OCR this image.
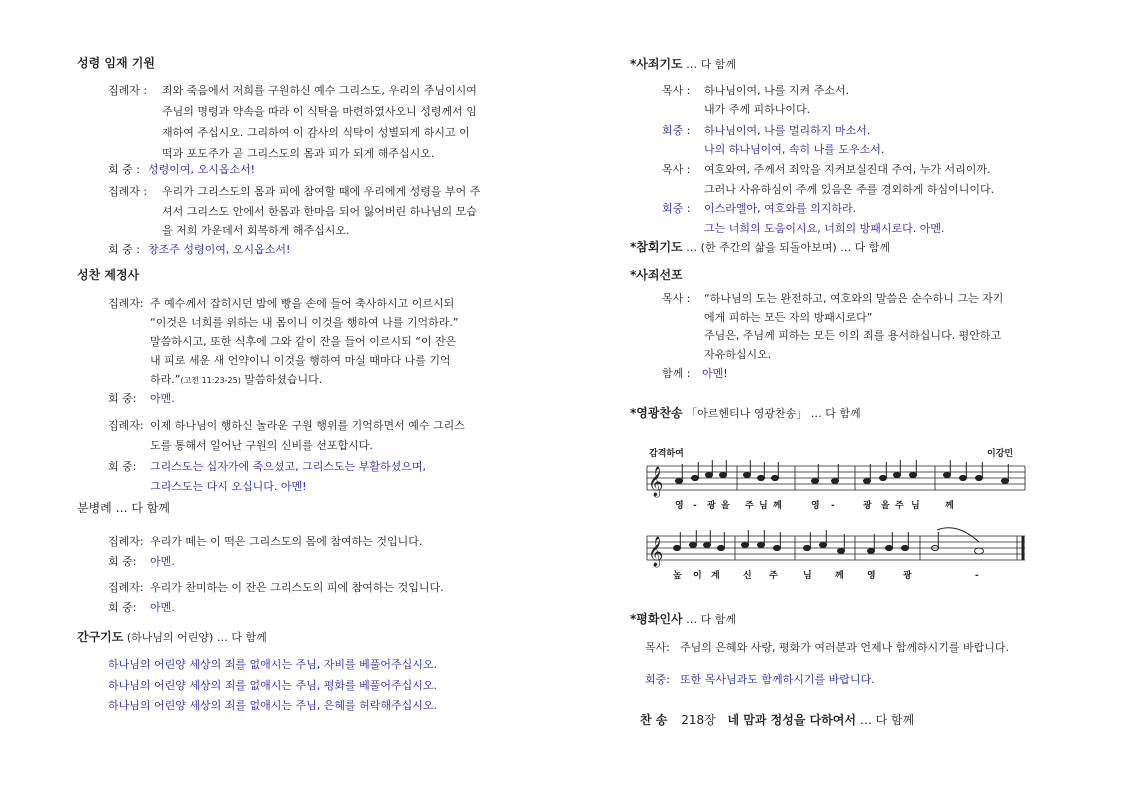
성령 임재 기원
집례자 : 죄와 죽음에서 저희를 구원하신 예수 그리스도, 우리의 주님이시여
주님의 명령과 약속을 따라 이 식탁을 마련하였사오니 성령께서 임
재하여 주십시오. 그리하여 이 감사의 식탁이 성별되게 하시고 이
떡과 포도주가 곧 그리스도의 몸과 피가 되게 해주십시오.
회 중 : 성령이여, 오시옵소서!
집례자 : 우리가 그리스도의 몸과 피에 참여할 때에 우리에게 성령을 부어 주
셔서 그리스도 안에서 한몸과 한마음 되어 잃어버린 하나님의 모습
을 저희 가운데서 회복하게 해주십시오.
회 중 : 창조주 성령이여, 오시옵소서!
성찬 제정사
집례자: 주 예수께서 잡히시던 밤에 빵을 손에 들어 축사하시고 이르시되
“이것은 너희를 위하는 내 몸이니 이것을 행하여 나를 기억하라.”
말씀하시고, 또한 식후에 그와 같이 잔을 들어 이르시되 “이 잔은
내 피로 세운 새 언약이니 이것을 행하여 마실 때마다 나를 기억
하라.”(고전 11:23-25) 말씀하셨습니다.
회 중: 아멘.
집례자: 이제 하나님이 행하신 놀라운 구원 행위를 기억하면서 예수 그리스
도를 통해서 일어난 구원의 신비를 선포합시다.
회 중: 그리스도는 십자가에 죽으셨고, 그리스도는 부활하셨으며,
그리스도는 다시 오십니다. 아멘!
분병례 … 다 함께
집례자: 우리가 떼는 이 떡은 그리스도의 몸에 참여하는 것입니다.
회 중: 아멘.
집례자: 우리가 찬미하는 이 잔은 그리스도의 피에 참여하는 것입니다.
회 중: 아멘.
간구기도 (하나님의 어린양) … 다 함께
하나님의 어린양 세상의 죄를 없애시는 주님, 자비를 베풀어주십시오.
하나님의 어린양 세상의 죄를 없애시는 주님, 평화를 베풀어주십시오.
하나님의 어린양 세상의 죄를 없애시는 주님, 은혜를 허락해주십시오.
*사죄기도 … 다 함께
목사 : 하나님이여, 나를 지켜 주소서.
내가 주께 피하나이다.
회중 : 하나님이여, 나를 멀리하지 마소서.
나의 하나님이여, 속히 나를 도우소서.
목사 : 여호와여, 주께서 죄악을 지켜보실진대 주여, 누가 서리이까.
그러나 사유하심이 주께 있음은 주를 경외하게 하심이니이다.
회중 : 이스라엘아, 여호와를 의지하라.
그는 너희의 도움이시요, 너희의 방패시로다. 아멘.
*참회기도 … (한 주간의 삶을 되돌아보며) … 다 함께
*사죄선포
목사 : “하나님의 도는 완전하고, 여호와의 말씀은 순수하니 그는 자기
에게 피하는 모든 자의 방패시로다”
주님은, 주님께 피하는 모든 이의 죄를 용서하십니다. 평안하고
자유하십시오.
함께 : 아멘!
*영광찬송 「아르헨티나 영광찬송」 … 다 함께
감격하여	이강민
𝄞
영 - 광 을 주 님 께	영 -	광 을 주 님	께
𝄞
높 이 계	신 주	님	께	영	광	-
*평화인사 … 다 함께
목사: 주님의 은혜와 사랑, 평화가 여러분과 언제나 함께하시기를 바랍니다.
회중: 또한 목사님과도 함께하시기를 바랍니다.
찬 송 218장 네 맘과 정성을 다하여서 … 다 함께
